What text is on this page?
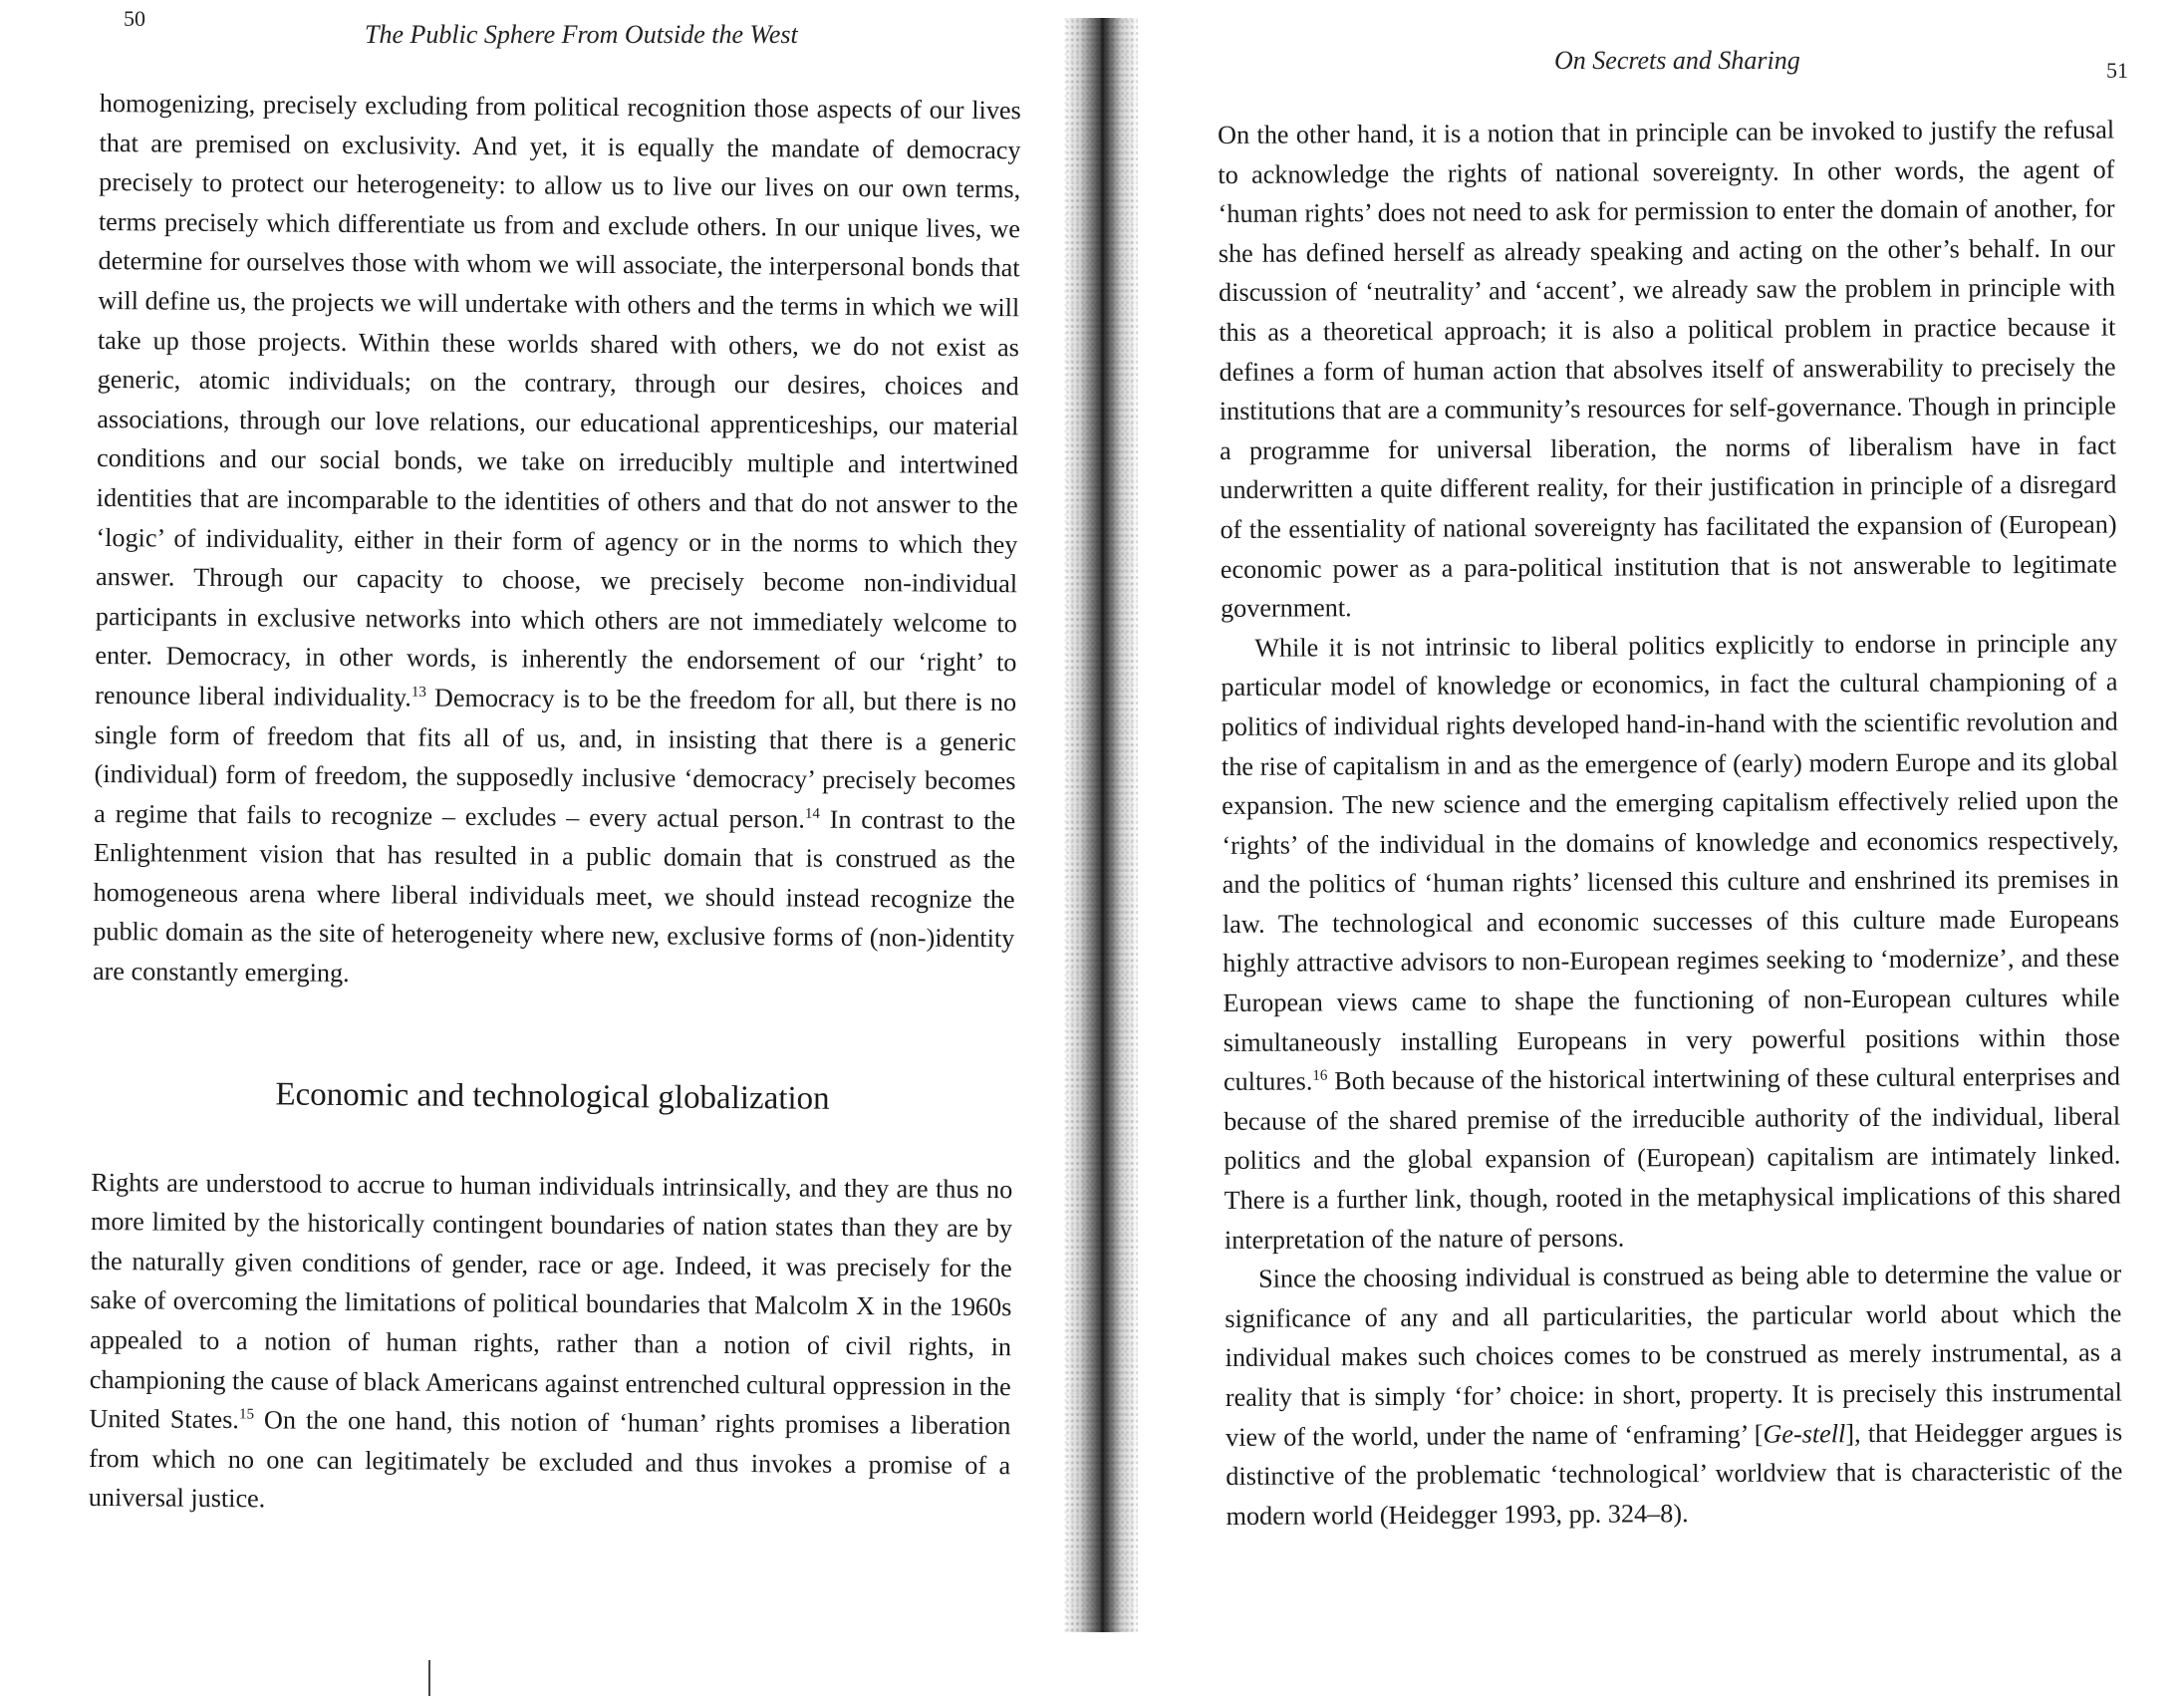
50
The Public Sphere From Outside the West

homogenizing, precisely excluding from political recognition those aspects of our lives that are premised on exclusivity. And yet, it is equally the mandate of democracy precisely to protect our heterogeneity: to allow us to live our lives on our own terms, terms precisely which differentiate us from and exclude others. In our unique lives, we determine for ourselves those with whom we will associate, the interpersonal bonds that will define us, the projects we will undertake with others and the terms in which we will take up those projects. Within these worlds shared with others, we do not exist as generic, atomic individuals; on the contrary, through our desires, choices and associations, through our love relations, our educational apprenticeships, our material conditions and our social bonds, we take on irreducibly multiple and intertwined identities that are incomparable to the identities of others and that do not answer to the ‘logic’ of individuality, either in their form of agency or in the norms to which they answer. Through our capacity to choose, we precisely become non-individual participants in exclusive networks into which others are not immediately welcome to enter. Democracy, in other words, is inherently the endorsement of our ‘right’ to renounce liberal individuality.$^{13}$ Democracy is to be the freedom for all, but there is no single form of freedom that fits all of us, and, in insisting that there is a generic (individual) form of freedom, the supposedly inclusive ‘democracy’ precisely becomes a regime that fails to recognize – excludes – every actual person.$^{14}$ In contrast to the Enlightenment vision that has resulted in a public domain that is construed as the homogeneous arena where liberal individuals meet, we should instead recognize the public domain as the site of heterogeneity where new, exclusive forms of (non-)identity are constantly emerging.

Economic and technological globalization

Rights are understood to accrue to human individuals intrinsically, and they are thus no more limited by the historically contingent boundaries of nation states than they are by the naturally given conditions of gender, race or age. Indeed, it was precisely for the sake of overcoming the limitations of political boundaries that Malcolm X in the 1960s appealed to a notion of human rights, rather than a notion of civil rights, in championing the cause of black Americans against entrenched cultural oppression in the United States.$^{15}$ On the one hand, this notion of ‘human’ rights promises a liberation from which no one can legitimately be excluded and thus invokes a promise of a universal justice.

On Secrets and Sharing	51

On the other hand, it is a notion that in principle can be invoked to justify the refusal to acknowledge the rights of national sovereignty. In other words, the agent of ‘human rights’ does not need to ask for permission to enter the domain of another, for she has defined herself as already speaking and acting on the other’s behalf. In our discussion of ‘neutrality’ and ‘accent’, we already saw the problem in principle with this as a theoretical approach; it is also a political problem in practice because it defines a form of human action that absolves itself of answerability to precisely the institutions that are a community’s resources for self-governance. Though in principle a programme for universal liberation, the norms of liberalism have in fact underwritten a quite different reality, for their justification in principle of a disregard of the essentiality of national sovereignty has facilitated the expansion of (European) economic power as a para-political institution that is not answerable to legitimate government.

While it is not intrinsic to liberal politics explicitly to endorse in principle any particular model of knowledge or economics, in fact the cultural championing of a politics of individual rights developed hand-in-hand with the scientific revolution and the rise of capitalism in and as the emergence of (early) modern Europe and its global expansion. The new science and the emerging capitalism effectively relied upon the ‘rights’ of the individual in the domains of knowledge and economics respectively, and the politics of ‘human rights’ licensed this culture and enshrined its premises in law. The technological and economic successes of this culture made Europeans highly attractive advisors to non-European regimes seeking to ‘modernize’, and these European views came to shape the functioning of non-European cultures while simultaneously installing Europeans in very powerful positions within those cultures.$^{16}$ Both because of the historical intertwining of these cultural enterprises and because of the shared premise of the irreducible authority of the individual, liberal politics and the global expansion of (European) capitalism are intimately linked. There is a further link, though, rooted in the metaphysical implications of this shared interpretation of the nature of persons.

Since the choosing individual is construed as being able to determine the value or significance of any and all particularities, the particular world about which the individual makes such choices comes to be construed as merely instrumental, as a reality that is simply ‘for’ choice: in short, property. It is precisely this instrumental view of the world, under the name of ‘enframing’ [Ge-stell], that Heidegger argues is distinctive of the problematic ‘technological’ worldview that is characteristic of the modern world (Heidegger 1993, pp. 324–8).
